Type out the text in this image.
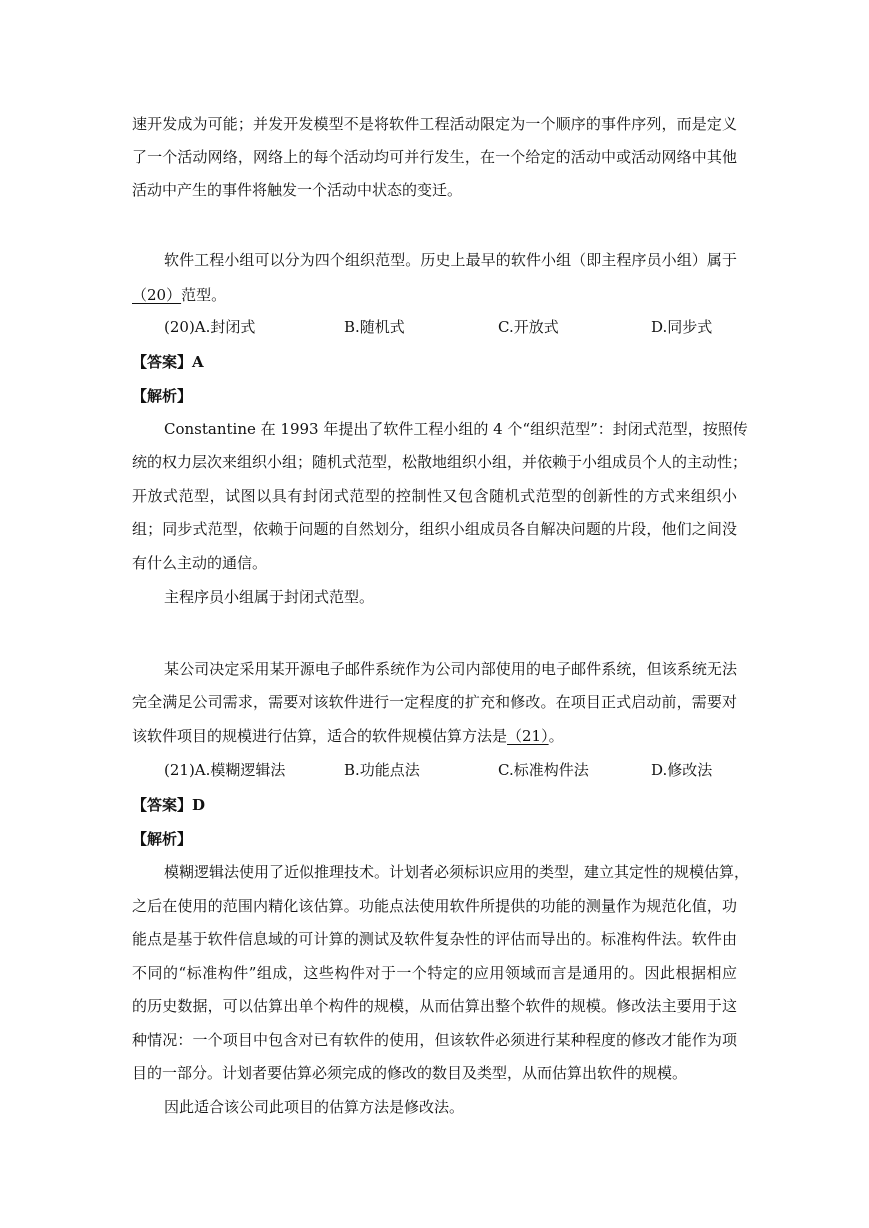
速开发成为可能；并发开发模型不是将软件工程活动限定为一个顺序的事件序列，而是定义
了一个活动网络，网络上的每个活动均可并行发生，在一个给定的活动中或活动网络中其他
活动中产生的事件将触发一个活动中状态的变迁。
软件工程小组可以分为四个组织范型。历史上最早的软件小组（即主程序员小组）属于
（20）范型。
(20)A.封闭式	B.随机式	C.开放式	D.同步式
【答案】A
【解析】
Constantine 在 1993 年提出了软件工程小组的 4 个“组织范型”：封闭式范型，按照传
统的权力层次来组织小组；随机式范型，松散地组织小组，并依赖于小组成员个人的主动性；
开放式范型，试图以具有封闭式范型的控制性又包含随机式范型的创新性的方式来组织小
组；同步式范型，依赖于问题的自然划分，组织小组成员各自解决问题的片段，他们之间没
有什么主动的通信。
主程序员小组属于封闭式范型。
某公司决定采用某开源电子邮件系统作为公司内部使用的电子邮件系统，但该系统无法
完全满足公司需求，需要对该软件进行一定程度的扩充和修改。在项目正式启动前，需要对
该软件项目的规模进行估算，适合的软件规模估算方法是（21）。
(21)A.模糊逻辑法	B.功能点法	C.标准构件法	D.修改法
【答案】D
【解析】
模糊逻辑法使用了近似推理技术。计划者必须标识应用的类型，建立其定性的规模估算，
之后在使用的范围内精化该估算。功能点法使用软件所提供的功能的测量作为规范化值，功
能点是基于软件信息域的可计算的测试及软件复杂性的评估而导出的。标准构件法。软件由
不同的“标准构件”组成，这些构件对于一个特定的应用领域而言是通用的。因此根据相应
的历史数据，可以估算出单个构件的规模，从而估算出整个软件的规模。修改法主要用于这
种情况：一个项目中包含对已有软件的使用，但该软件必须进行某种程度的修改才能作为项
目的一部分。计划者要估算必须完成的修改的数目及类型，从而估算出软件的规模。
因此适合该公司此项目的估算方法是修改法。
